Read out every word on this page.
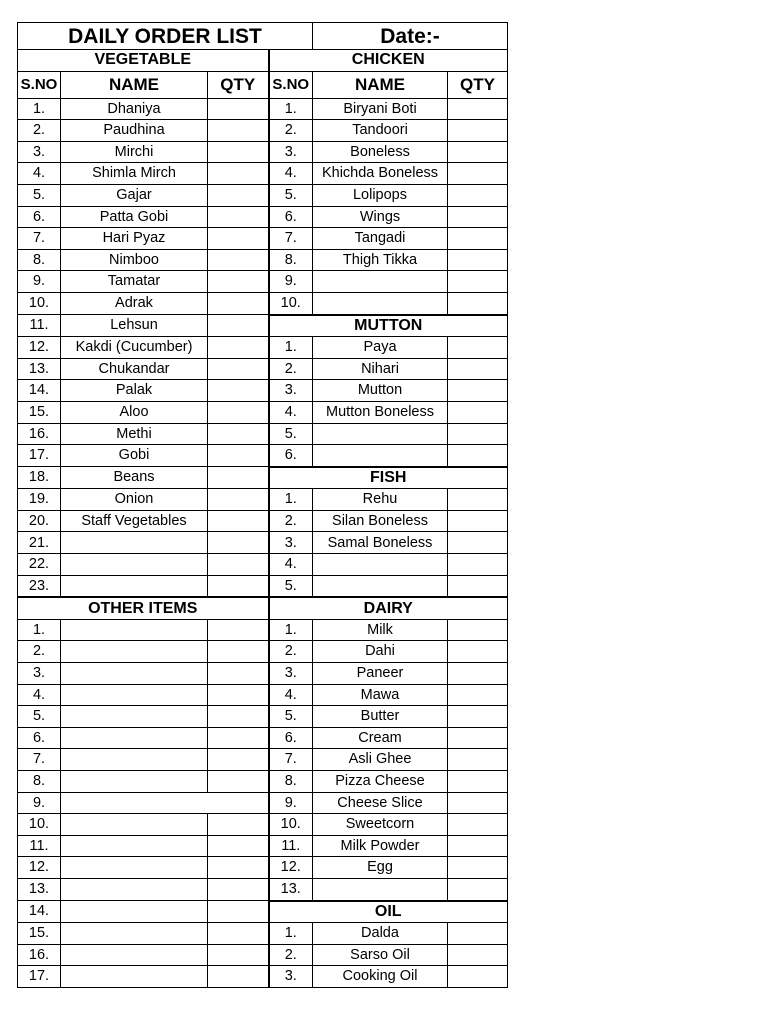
DAILY ORDER LIST				Date:-	
VEGETABLE			CHICKEN		
S.NO	NAME	QTY	S.NO	NAME	QTY
1.	Dhaniya		1.	Biryani Boti	
2.	Paudhina		2.	Tandoori	
3.	Mirchi		3.	Boneless	
4.	Shimla Mirch		4.	Khichda Boneless	
5.	Gajar		5.	Lolipops	
6.	Patta Gobi		6.	Wings	
7.	Hari Pyaz		7.	Tangadi	
8.	Nimboo		8.	Thigh Tikka	
9.	Tamatar		9.		
10.	Adrak		10.		
11.	Lehsun		MUTTON		
12.	Kakdi (Cucumber)		1.	Paya	
13.	Chukandar		2.	Nihari	
14.	Palak		3.	Mutton	
15.	Aloo		4.	Mutton Boneless	
16.	Methi		5.		
17.	Gobi		6.		
18.	Beans		FISH		
19.	Onion		1.	Rehu	
20.	Staff Vegetables		2.	Silan Boneless	
21.			3.	Samal Boneless	
22.			4.		
23.			5.		
OTHER ITEMS			DAIRY		
1.			1.	Milk	
2.			2.	Dahi	
3.			3.	Paneer	
4.			4.	Mawa	
5.			5.	Butter	
6.			6.	Cream	
7.			7.	Asli Ghee	
8.			8.	Pizza Cheese	
9.			9.	Cheese Slice	
10.			10.	Sweetcorn	
11.			11.	Milk Powder	
12.			12.	Egg	
13.			13.		
14.			OIL		
15.			1.	Dalda	
16.			2.	Sarso Oil	
17.			3.	Cooking Oil	
